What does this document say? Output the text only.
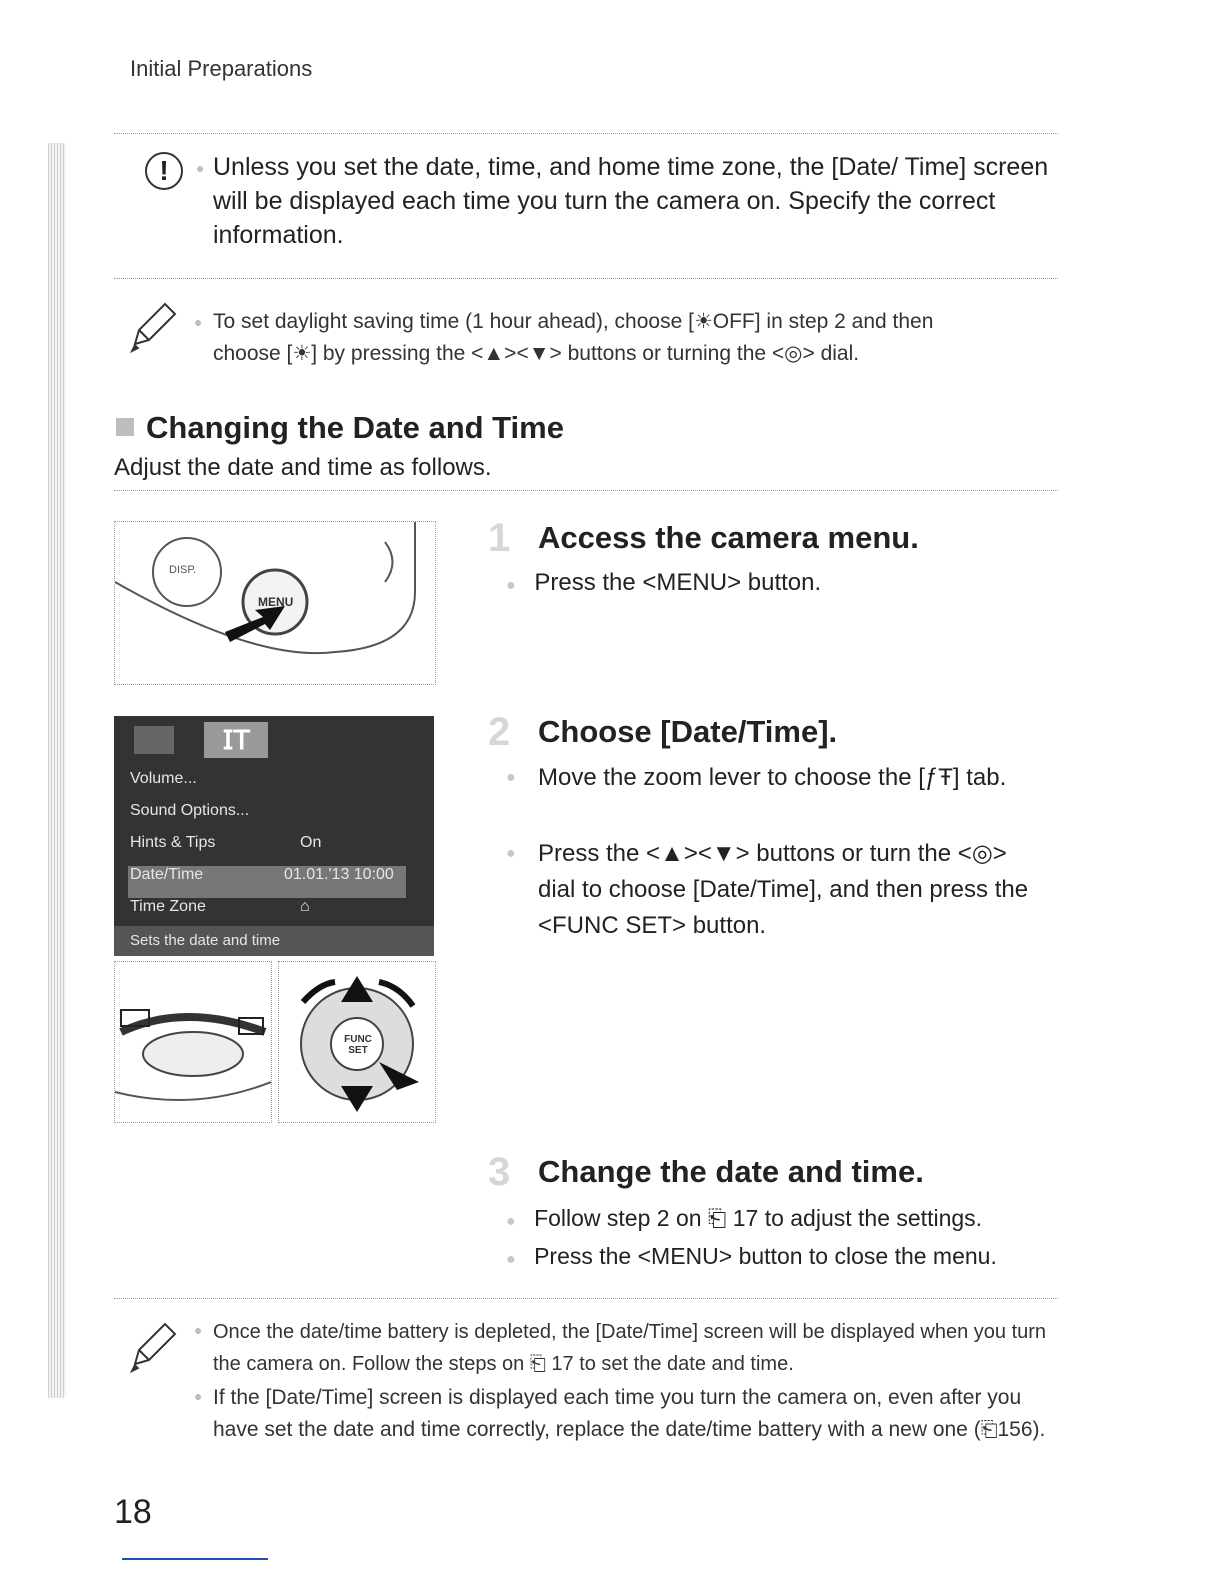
Initial Preparations
!	● Unless you set the date, time, and home time zone, the [Date/ Time] screen will be displayed each time you turn the camera on. Specify the correct information.
● To set daylight saving time (1 hour ahead), choose [☀OFF] in step 2 and then
choose [☀] by pressing the <▲><▼> buttons or turning the <◎> dial.
Changing the Date and Time
Adjust the date and time as follows.
DISP.
MENU
1 Access the camera menu.
● Press the <MENU> button.
𝖨𝖳
Volume...
Sound Options...
Hints & Tips	On
Date/Time	01.01.'13 10:00
Time Zone	⌂
Sets the date and time
FUNC SET
2 Choose [Date/Time].
● Move the zoom lever to choose the [ƒŦ] tab.
● Press the <▲><▼> buttons or turn the <◎> dial to choose [Date/Time], and then press the <FUNC SET> button.
3 Change the date and time.
● Follow step 2 on ⎗ 17 to adjust the settings.
● Press the <MENU> button to close the menu.
● Once the date/time battery is depleted, the [Date/Time] screen will be displayed when you turn the camera on. Follow the steps on ⎗ 17 to set the date and time.
● If the [Date/Time] screen is displayed each time you turn the camera on, even after you have set the date and time correctly, replace the date/time battery with a new one (⎗156).
18
